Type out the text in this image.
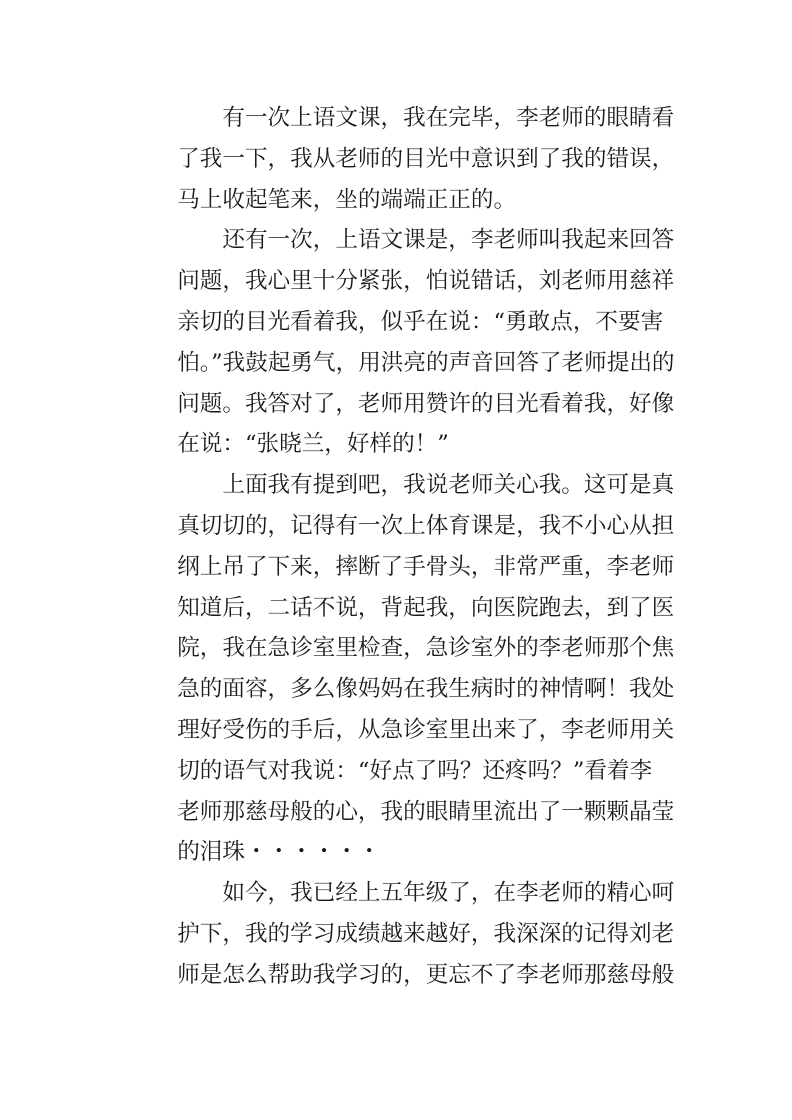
有一次上语文课，我在完毕，李老师的眼睛看
了我一下，我从老师的目光中意识到了我的错误，
马上收起笔来，坐的端端正正的。
还有一次，上语文课是，李老师叫我起来回答
问题，我心里十分紧张，怕说错话，刘老师用慈祥
亲切的目光看着我，似乎在说：“勇敢点，不要害
怕。”我鼓起勇气，用洪亮的声音回答了老师提出的
问题。我答对了，老师用赞许的目光看着我，好像
在说：“张晓兰，好样的！”
上面我有提到吧，我说老师关心我。这可是真
真切切的，记得有一次上体育课是，我不小心从担
纲上吊了下来，摔断了手骨头，非常严重，李老师
知道后，二话不说，背起我，向医院跑去，到了医
院，我在急诊室里检查，急诊室外的李老师那个焦
急的面容，多么像妈妈在我生病时的神情啊！我处
理好受伤的手后，从急诊室里出来了，李老师用关
切的语气对我说：“好点了吗？还疼吗？”看着李
老师那慈母般的心，我的眼睛里流出了一颗颗晶莹
的泪珠・・・・・・
如今，我已经上五年级了，在李老师的精心呵
护下，我的学习成绩越来越好，我深深的记得刘老
师是怎么帮助我学习的，更忘不了李老师那慈母般
